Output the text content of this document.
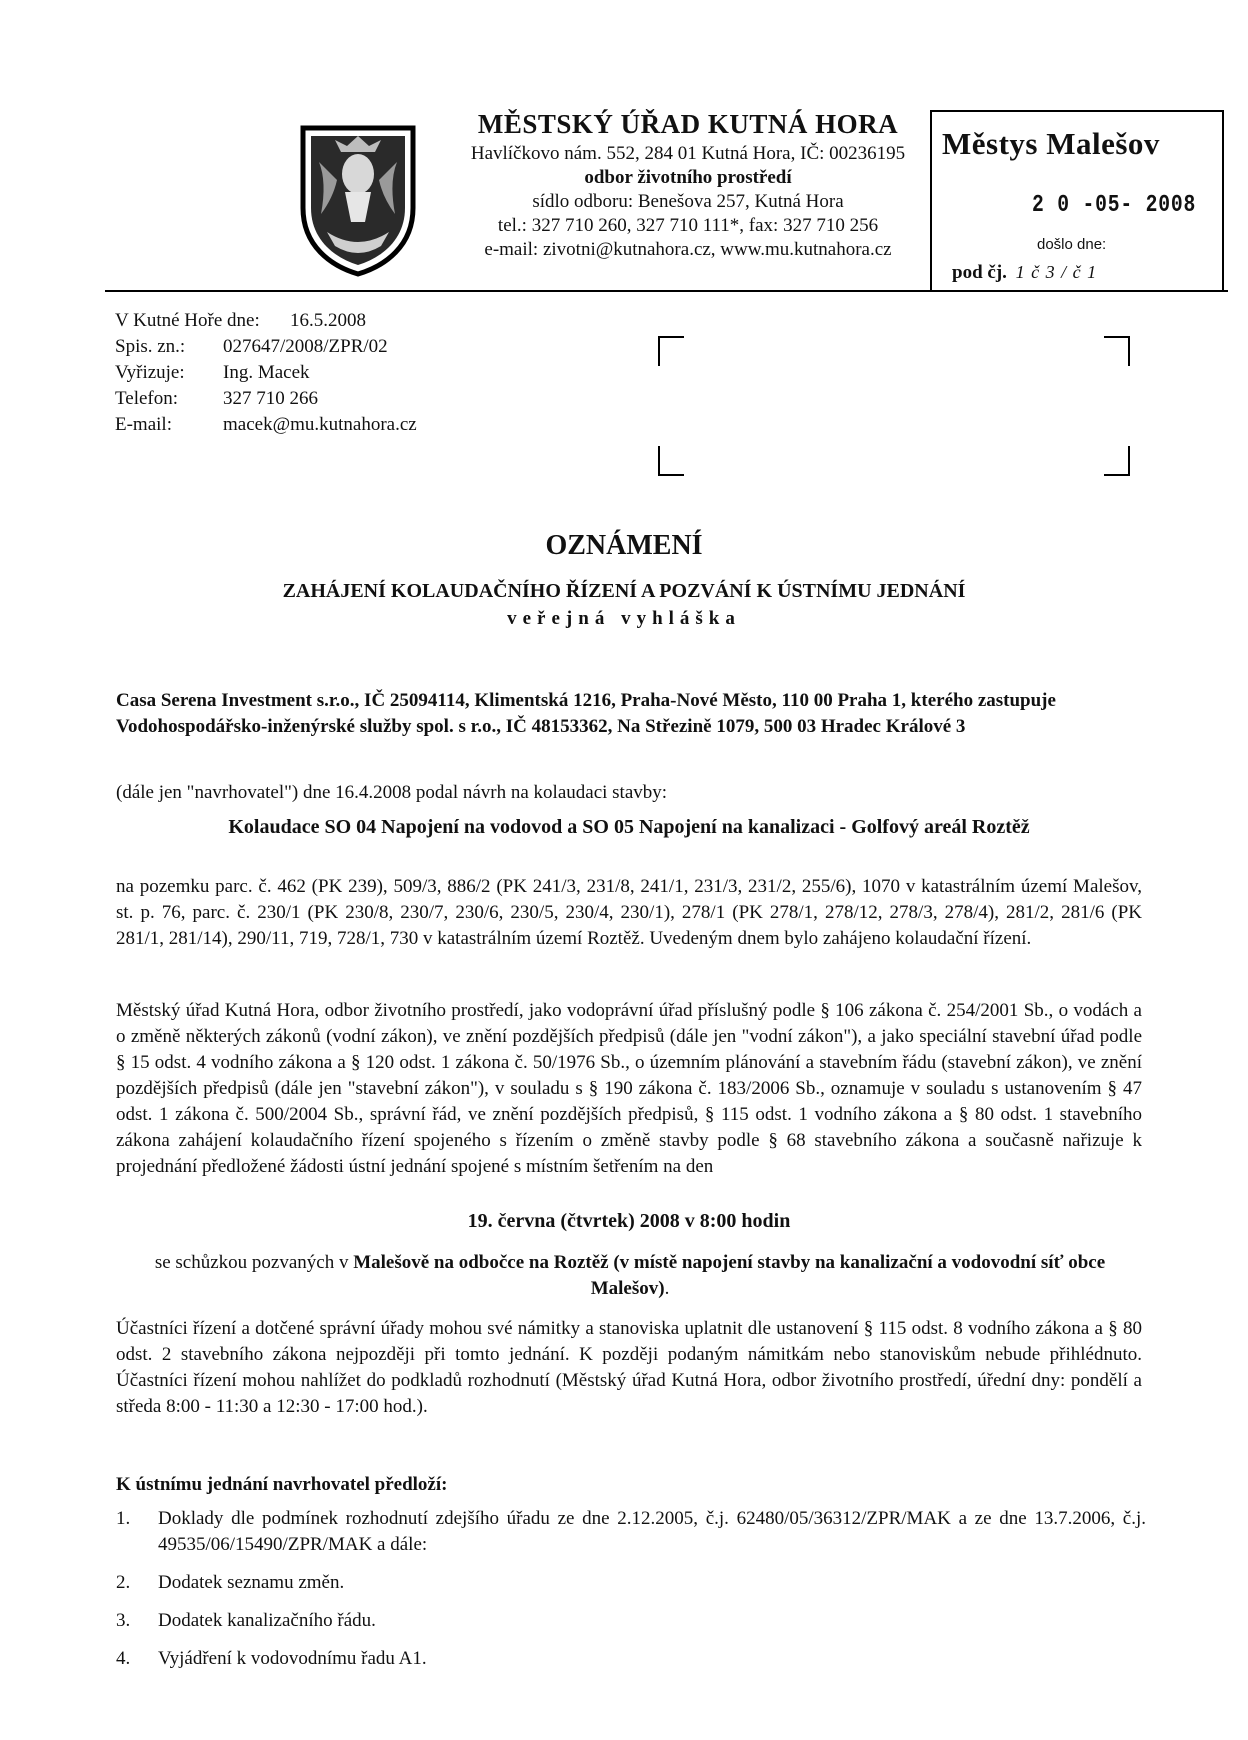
MĚSTSKÝ ÚŘAD KUTNÁ HORA
Havlíčkovo nám. 552, 284 01 Kutná Hora, IČ: 00236195
odbor životního prostředí
sídlo odboru: Benešova 257, Kutná Hora
tel.: 327 710 260, 327 710 111*, fax: 327 710 256
e-mail: zivotni@kutnahora.cz, www.mu.kutnahora.cz
Městys Malešov
2 0 -05- 2008
došlo dne:
pod čj. 1 č 3 / č 1
V Kutné Hoře dne:	16.5.2008
Spis. zn.:	027647/2008/ZPR/02
Vyřizuje:	Ing. Macek
Telefon:	327 710 266
E-mail:	macek@mu.kutnahora.cz
OZNÁMENÍ
ZAHÁJENÍ KOLAUDAČNÍHO ŘÍZENÍ A POZVÁNÍ K ÚSTNÍMU JEDNÁNÍ
veřejná vyhláška
Casa Serena Investment s.r.o., IČ 25094114, Klimentská 1216, Praha-Nové Město, 110 00 Praha 1, kterého zastupuje Vodohospodářsko-inženýrské služby spol. s r.o., IČ 48153362, Na Střezině 1079, 500 03 Hradec Králové 3
(dále jen "navrhovatel") dne 16.4.2008 podal návrh na kolaudaci stavby:
Kolaudace SO 04 Napojení na vodovod a SO 05 Napojení na kanalizaci - Golfový areál Roztěž
na pozemku parc. č. 462 (PK 239), 509/3, 886/2 (PK 241/3, 231/8, 241/1, 231/3, 231/2, 255/6), 1070 v katastrálním území Malešov, st. p. 76, parc. č. 230/1 (PK 230/8, 230/7, 230/6, 230/5, 230/4, 230/1), 278/1 (PK 278/1, 278/12, 278/3, 278/4), 281/2, 281/6 (PK 281/1, 281/14), 290/11, 719, 728/1, 730 v katastrálním území Roztěž. Uvedeným dnem bylo zahájeno kolaudační řízení.
Městský úřad Kutná Hora, odbor životního prostředí, jako vodoprávní úřad příslušný podle § 106 zákona č. 254/2001 Sb., o vodách a o změně některých zákonů (vodní zákon), ve znění pozdějších předpisů (dále jen "vodní zákon"), a jako speciální stavební úřad podle § 15 odst. 4 vodního zákona a § 120 odst. 1 zákona č. 50/1976 Sb., o územním plánování a stavebním řádu (stavební zákon), ve znění pozdějších předpisů (dále jen "stavební zákon"), v souladu s § 190 zákona č. 183/2006 Sb., oznamuje v souladu s ustanovením § 47 odst. 1 zákona č. 500/2004 Sb., správní řád, ve znění pozdějších předpisů, § 115 odst. 1 vodního zákona a § 80 odst. 1 stavebního zákona zahájení kolaudačního řízení spojeného s řízením o změně stavby podle § 68 stavebního zákona a současně nařizuje k projednání předložené žádosti ústní jednání spojené s místním šetřením na den
19. června (čtvrtek) 2008 v 8:00 hodin
se schůzkou pozvaných v Malešově na odbočce na Roztěž (v místě napojení stavby na kanalizační a vodovodní síť obce Malešov).
Účastníci řízení a dotčené správní úřady mohou své námitky a stanoviska uplatnit dle ustanovení § 115 odst. 8 vodního zákona a § 80 odst. 2 stavebního zákona nejpozději při tomto jednání. K později podaným námitkám nebo stanoviskům nebude přihlédnuto. Účastníci řízení mohou nahlížet do podkladů rozhodnutí (Městský úřad Kutná Hora, odbor životního prostředí, úřední dny: pondělí a středa 8:00 - 11:30 a 12:30 - 17:00 hod.).
K ústnímu jednání navrhovatel předloží:
1.	Doklady dle podmínek rozhodnutí zdejšího úřadu ze dne 2.12.2005, č.j. 62480/05/36312/ZPR/MAK a ze dne 13.7.2006, č.j. 49535/06/15490/ZPR/MAK a dále:
2.	Dodatek seznamu změn.
3.	Dodatek kanalizačního řádu.
4.	Vyjádření k vodovodnímu řadu A1.
